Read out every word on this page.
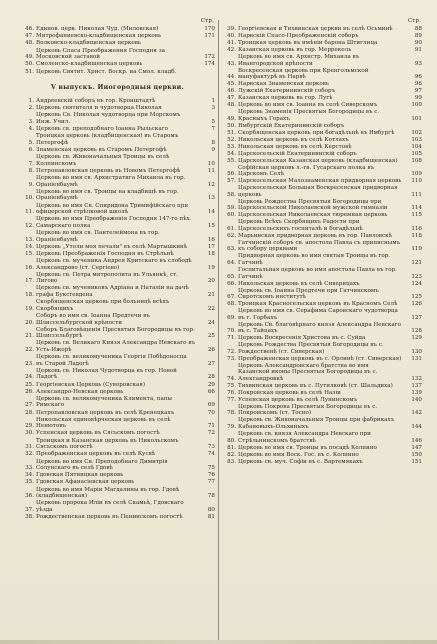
Стр.
46. Единов. церк. Николая Чуд. (Миловская)	170
47. Митрофаниевско-кладбищенская церковь	171
48. Волковско-кладбищенская церковь
49.
Церковь Спаса Преображения Господня за Московской заставой	172
50. Смоленско-кладбищенская церковь	174
51. Церковь Святит. Христ. Воскр. на Смол. кладб.
V выпускъ. Иногородныя церкви.
1. Андреевскій соборъ въ гор. Кронштадтѣ	1
2. Церковь святителя и чудотворца Николая	3
3.
Церковь Св. Николая чудотворца при Морскомъ Инж. Учил.	5
4. Церковь св. преподобнаго Іоанна Рыльскаго	7
5.
Троицкая церковь (кладбищенская) въ Старомъ Петергофѣ	8
6. Знаменская церковь въ Старомъ Петергофѣ	9
7.
Церковь св. Живоначальныя Троицы въ селѣ Колпинскомъ	10
8. Петропавловская церковь въ Новомъ Петергофѣ	11
9.
Церковь во имя св. Архистратига Михаила въ гор. Ораніенбаумѣ	12
10.
Церковь во имя св. Троицы на кладбищѣ въ гор. Ораніенбаумѣ	13
11.
Церковь во имя Св. Спиридона Тримифійскаго при офицерской стрѣлковой школѣ	14
12.
Церковь во имя Преображенія Господня 147-го пѣх. Самарскаго полка	15
13.
Церковь во имя св. Пантелеймона въ гор. Ораніенбаумѣ	16
14. Церковь „Утоли моя печали" въ селѣ Мартышкинѣ	17
15. Церковь Преображенія Господня въ Стрѣльнѣ	18
16.
Церковь св. мученика Андрея Критскаго въ слободѣ Александрово (ст. Сергіево)	19
17.
Церковь св. Петра митрополита въ Ульянкѣ, ст. Лигово	20
18.
Церковь св. мучениковъ Адріана и Наталіи на дачѣ графа Буксгевдена	21
19.
Скорбященская церковь при больницѣ всѣхъ Скорбящихъ	22
20.
Соборъ во имя св. Іоанна Предтечи въ Шлиссельбургской крѣпости	24
21.
Соборъ Благовѣщенія Пресвятыя Богородицы въ гор. Шлиссельбургѣ	25
22.
Церковь св. Великаго Князя Александра Невскаго въ Усть-Ижорѣ	26
23.
Церковь св. великомученика Георгія Побѣдоносца въ Старой Ладогѣ	27
24.
Церковь св. Николая Чудотворца въ гор. Новой Ладогѣ	28
25. Георгіевская Церковь (Суворовская)	29
26. Александро-Невская церковь	66
27.
Церковь св. великомученика Климента, папы Римскаго	69
28. Петропавловская церковь въ селѣ Кренецкахъ	70
29.
Никольская единовѣрческая церковь въ селѣ Ненютовъ	71
30. Успенская церковь въ Сясьскомъ погостѣ	72
31.
Троицкая и Казанская церковь въ Никольскомъ Сясьскомъ погостѣ	73
32. Преображенская церковь въ селѣ Кусвѣ	74
33.
Церковь во имя Св. Преподобнаго Димитрія Солунскаго въ селѣ Гдовѣ	75
34. Гдовская Пятницкая церковь	76
35. Гдовская Афанасіевская церковь	77
36.
Церковь во имя Маріи Магдалины въ гор. Гдовѣ (кладбищенская)	78
37.
Церковь пророка Иліи въ селѣ Скамьѣ, Гдовскаго уѣзда	80
38. Рождественская церковь въ Пенинскомъ погостѣ	81
Стр.
39. Георгіевская и Тихвинская церкви въ селѣ Осьминѣ	88
40. Нарвскій Спасо-Преображенскій соборъ	89
41. Троицкая церковь въ имѣніи барона Штиглица	90
42. Казанская церковь въ гор. Мерреколь	91
43.
Церковь во имя св. Архистр. Михаила въ Ивангородской крѣпости	93
44.
Воскресенская церковь при Кренгольмской мануфактурѣ въ Нарвѣ	96
45. Нарвская Знаменская церковь	96
46. Лужскій Екатерининскій соборъ	97
47. Казанская церковь въ гор. Лугѣ	99
48. Церковь во имя св. Іоанна въ селѣ Сиверскомъ	100
49.
Церковь Знаменія Пресвятыя Богородицы въ с. Красныхъ Горахъ	101
50. Ямбургскій Екатерининскій соборъ
51. Скорбященская церковь при богадѣльнѣ въ Ямбургѣ	102
52. Никольская церковь въ селѣ Котлахъ	103
53. Никольская церковь въ селѣ Керстовѣ	104
54. Царскосельскій Екатерининскій соборъ	105
55. Царскосельская Казанская церковь (кладбищенская)	108
56.
Софійская церковь л.-гв. Гусарскаго полка въ Царскомъ Селѣ	109
57. Царскосельская Малознаменская придворная церковь	110
58.
Царскосельская Большая Воскресенская придворная церковь	111
59.
Церковь Рождества Пресвятыя Богородицы при Царскосельской Николаевской мужской гимназіи	114
60. Царскосельская Николаевская тюремная церковь	115
61.
Церковь Всѣхъ Скорбящихъ Радости при Царскосельскихъ госпиталѣ и богадѣльнѣ	116
62. Марьинская придворная церковь въ гор. Павловскѣ	118
63.
Гатчинскій соборъ св. апостола Павла съ приписнымъ къ собору церквами	119
64.
Придворная церковь во имя святыя Троицы въ гор. Гатчинѣ	121
65.
Госпитальная церковь во имя апостола Павла въ гор. Гатчинѣ	123
66. Никольская церковь въ селѣ Сиверицахъ	124
67.
Церковь св. Іоанна Предтечи при Гатчинскомъ Сиротскомъ институтѣ	125
68. Троицкая Красносельская церковь въ Красномъ Селѣ	126
69.
Церковь во имя св. Серафима Саровскаго чудотворца въ г. Горбахъ	127
70.
Церковь Св. благовѣрнаго князя Александра Невскаго въ с. Тайцахъ	128
71. Церковь Воскресенія Христова въ с. Суйда	129
72.
Церковь Рождества Пресвятыя Богородицы въ с. Рождественѣ (ст. Сиверская)	130
73. Преображенская церковь въ с. Орлинѣ (ст. Сиверская)	131
74.
Церковь Александровскаго братства во имя Казанской иконы Пресвятыя Богородицы въ с. Александровкѣ	132
75. Тихвинская церковь въ с. Путилковѣ (ст. Шальдиха)	137
76. Покровская церковь въ селѣ Назіи	139
77. Успенская церковь въ селѣ Лунинскомъ	140
78.
Церковь Покрова Пресвятыя Богородицы въ с. Покровскомъ (ст. Тосно)	142
79.
Церковь св. Живоначальныя Троицы при фабрикахъ Кабановыхъ-Ольхиныхъ	144
80.
Церковь св. князя Александра Невскаго при Стрѣльнинскомъ братствѣ	146
81. Церковь во имя св. Троицы въ посадѣ Колпино	147
82. Церковь во имя Воск. Гос. въ с. Колпино	150
83. Церковь св. муч. Софіи въ с. Вартемякахъ	151
